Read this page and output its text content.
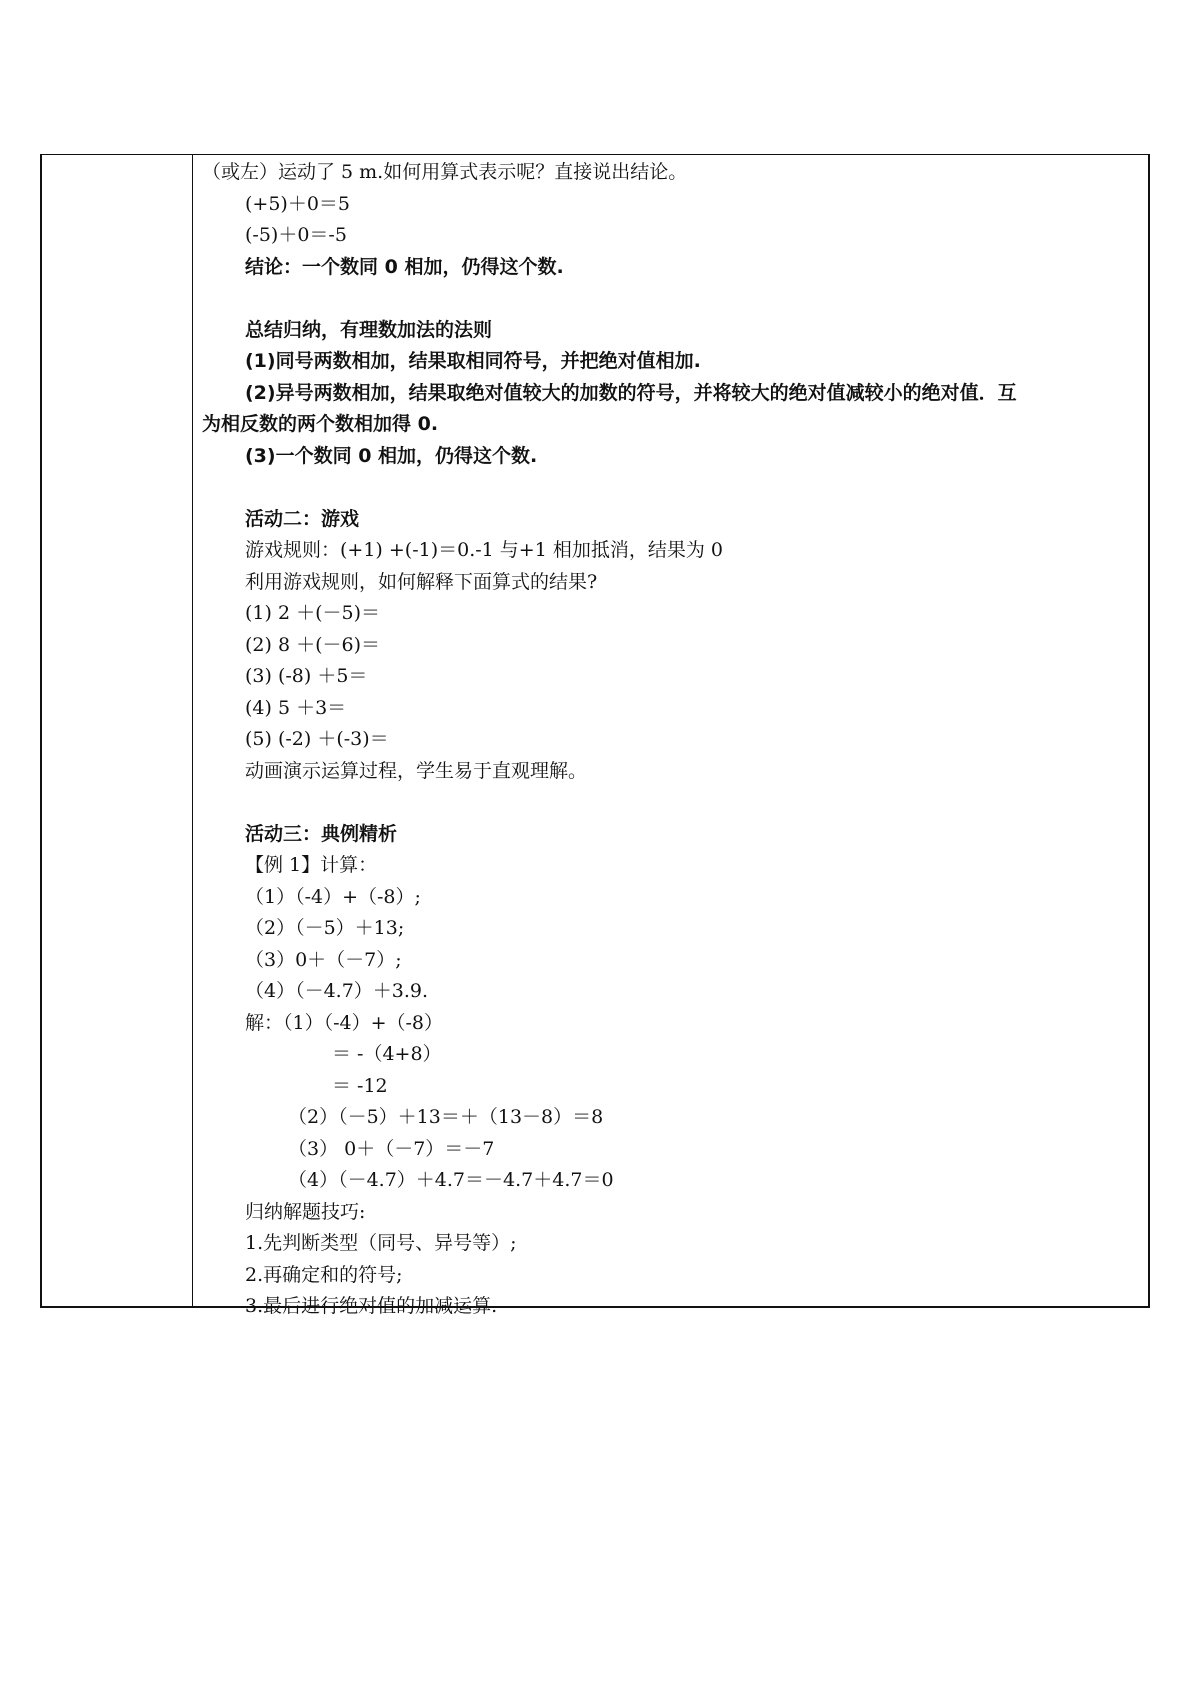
（或左）运动了 5 m.如何用算式表示呢？直接说出结论。
(+5)＋0＝5
(-5)＋0＝-5
结论：一个数同 0 相加，仍得这个数.
总结归纳，有理数加法的法则
(1)同号两数相加，结果取相同符号，并把绝对值相加.
(2)异号两数相加，结果取绝对值较大的加数的符号，并将较大的绝对值减较小的绝对值．互
为相反数的两个数相加得 0.
(3)一个数同 0 相加，仍得这个数.
活动二：游戏
游戏规则：(+1) +(-1)＝0.-1 与+1 相加抵消，结果为 0
利用游戏规则，如何解释下面算式的结果?
(1) 2 ＋(－5)＝
(2) 8 ＋(－6)＝
(3) (-8) ＋5＝
(4) 5 ＋3＝
(5) (-2) ＋(-3)＝
动画演示运算过程，学生易于直观理解。
活动三：典例精析
【例 1】计算：
（1）（-4）+（-8）;
（2）（－5）＋13;
（3）0＋（－7）;
（4）（－4.7）＋3.9.
解：（1）（-4）+（-8）
＝ -（4+8）
＝ -12
（2）（－5）＋13＝＋（13－8）＝8
（3） 0＋（－7）＝－7
（4）（－4.7）＋4.7＝－4.7＋4.7＝0
归纳解题技巧:
1.先判断类型（同号、异号等）;
2.再确定和的符号;
3.最后进行绝对值的加减运算.
